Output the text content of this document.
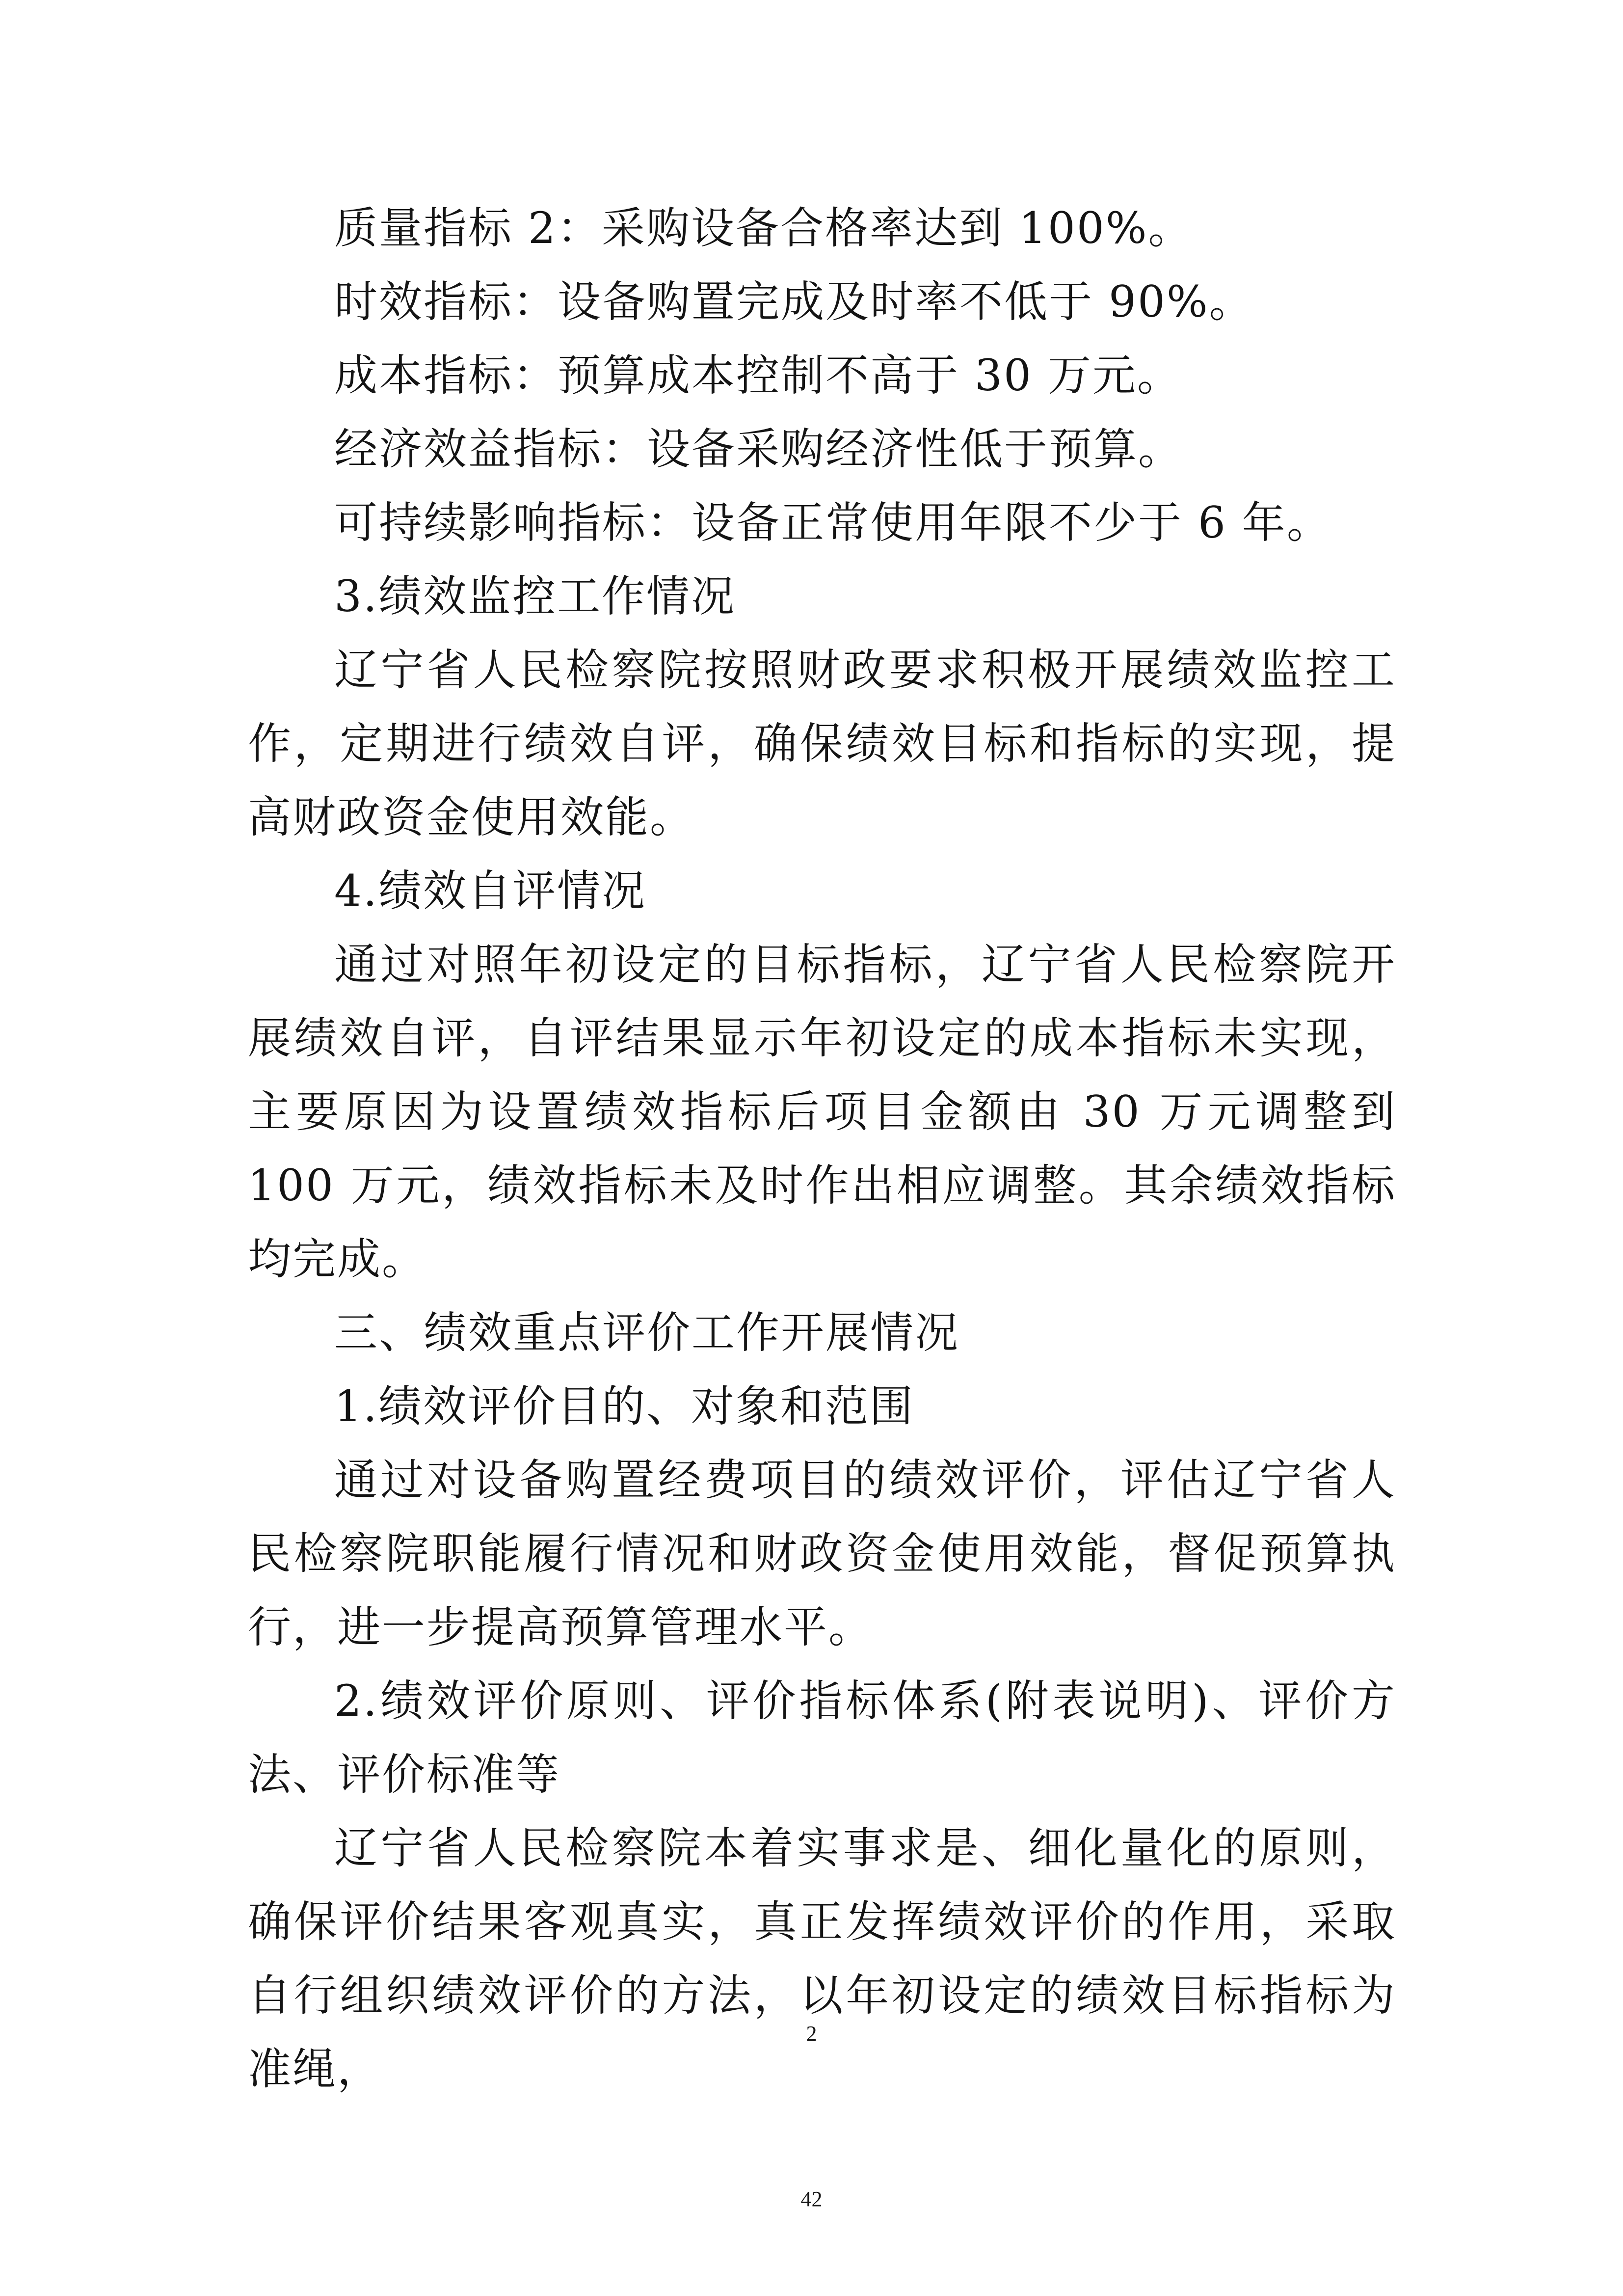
质量指标 2：采购设备合格率达到 100%。

时效指标：设备购置完成及时率不低于 90%。

成本指标：预算成本控制不高于 30 万元。

经济效益指标：设备采购经济性低于预算。

可持续影响指标：设备正常使用年限不少于 6 年。

3.绩效监控工作情况

辽宁省人民检察院按照财政要求积极开展绩效监控工作，定期进行绩效自评，确保绩效目标和指标的实现，提高财政资金使用效能。

4.绩效自评情况

通过对照年初设定的目标指标，辽宁省人民检察院开展绩效自评，自评结果显示年初设定的成本指标未实现，主要原因为设置绩效指标后项目金额由 30 万元调整到 100 万元，绩效指标未及时作出相应调整。其余绩效指标均完成。

三、绩效重点评价工作开展情况

1.绩效评价目的、对象和范围

通过对设备购置经费项目的绩效评价，评估辽宁省人民检察院职能履行情况和财政资金使用效能，督促预算执行，进一步提高预算管理水平。

2.绩效评价原则、评价指标体系(附表说明)、评价方法、评价标准等

辽宁省人民检察院本着实事求是、细化量化的原则，确保评价结果客观真实，真正发挥绩效评价的作用，采取自行组织绩效评价的方法，以年初设定的绩效目标指标为准绳，

2
42
